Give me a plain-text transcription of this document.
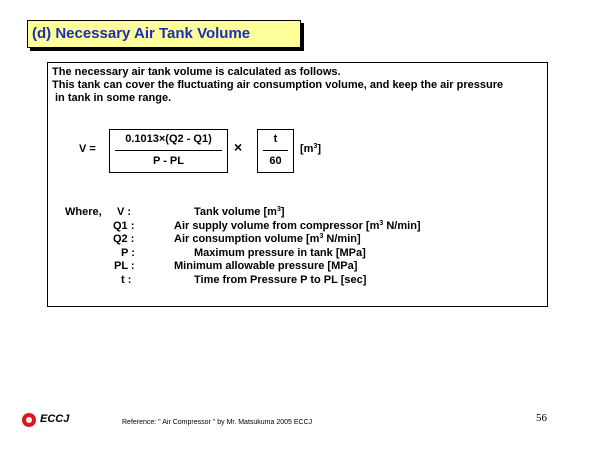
(d) Necessary Air Tank Volume
The necessary air tank volume is calculated as follows.
This tank can cover the fluctuating air consumption volume, and keep the air pressure
in tank in some range.
V =
0.1013×(Q2 - Q1)
P - PL
×	t
60
$[m^3]$
Where, V :	Tank volume $[m^3]$
Q1 :	Air supply volume from compressor [$m^3$ N/min]
Q2 :	Air consumption volume [$m^3$ N/min]
P :	Maximum pressure in tank [MPa]
PL :	Minimum allowable pressure [MPa]
t :	Time from Pressure P to PL [sec]
ECCJ	Reference: " Air Compressor " by Mr. Matsukuma 2005 ECCJ	56
